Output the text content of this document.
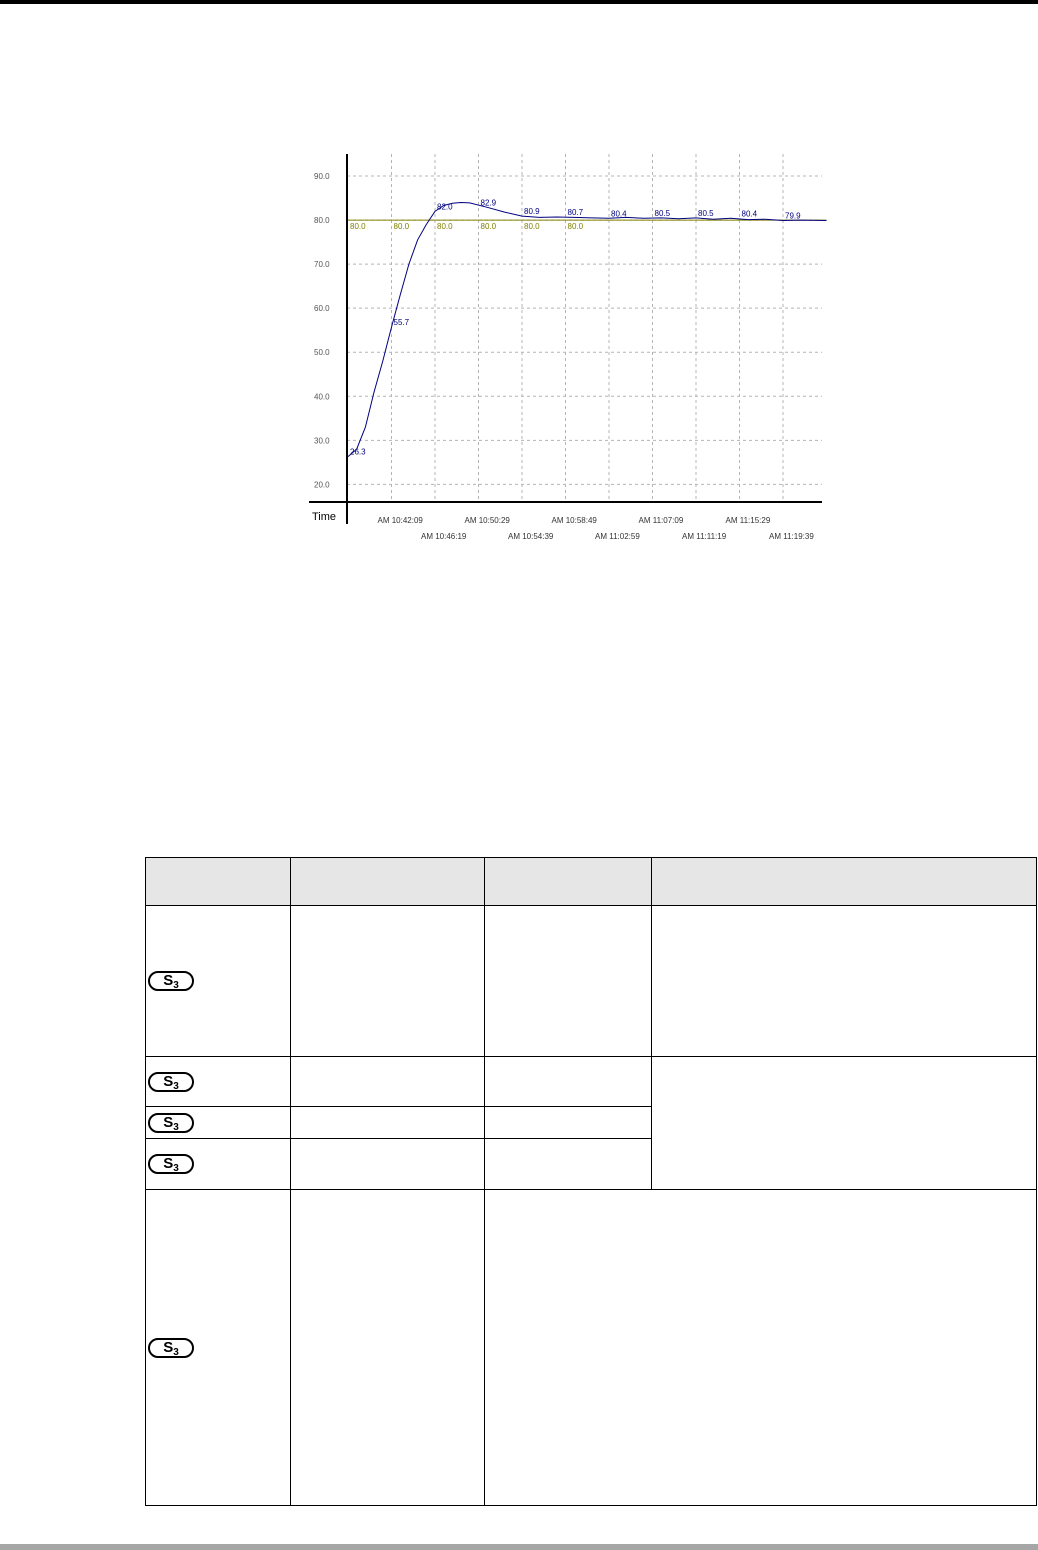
Time
90.0
80.0
70.0
60.0
50.0
40.0
30.0
20.0
AM 10:42:09
AM 10:46:19
AM 10:50:29
AM 10:54:39
AM 10:58:49
AM 11:02:59
AM 11:07:09
AM 11:11:19
AM 11:15:29
AM 11:19:39
80.0	80.0	80.0	80.0	80.0	80.0
26.3
55.7
82.0	82.9
80.9	80.7	80.4	80.5	80.5	80.4	79.9

$S_3$			
$S_3$			
$S_3$		
$S_3$		
$S_3$		
